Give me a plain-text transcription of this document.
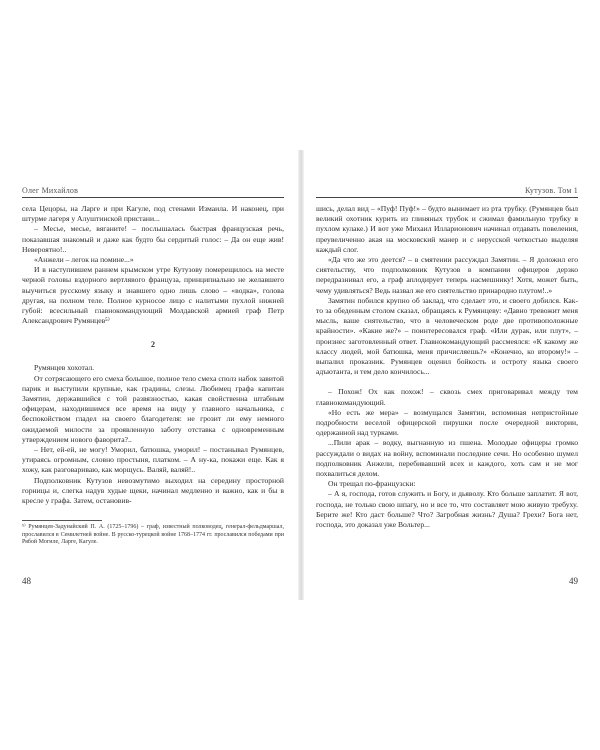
Олег Михайлов

села Цецоры, на Ларге и при Кагуле, под стенами Измаила. И наконец, при штурме лагеря у Алуштинской пристани...

– Месье, месье, вяганите! – послышалась быстрая французская речь, показавшая знакомый и даже как будто бы сердитый голос: – Да он еще жив! Невероятно!..

«Анжели – легок на помине...»

И в наступившем раннем крымском утре Кутузову померещилось на месте черной головы вздорного вертлявого француза, принципиально не желавшего выучиться русскому языку и знавшего одно лишь слово – «водка», голова другая, на полном теле. Полное курносое лицо с налитыми пухлой нижней губой: всесильный главнокомандующий Молдавской армией граф Петр Александрович Румянцев⁵⁾

2

Румянцев хохотал.

От сотрясающего его смеха большое, полное тело смеха сполз набок завитой парик и выступили крупные, как градины, слезы. Любимец графа капитан Замятин, державшийся с той развязностью, какая свойственна штабным офицерам, находившимся все время на виду у главного начальника, с беспокойством гладел на своего благодетеля: не грозит ли ему немного ожидаемой милости за проявленную заботу отставка с одновременным утверждением нового фаворита?..

– Нет, ей-ей, не могу! Уморил, батюшка, уморил! – постанывал Румянцев, утираясь огромным, словно простыня, платком. – А ну-ка, покажи еще. Как я хожу, как разговариваю, как морщусь. Валяй, валяй!..

Подполковник Кутузов невозмутимо выходил на середину просторной горницы и, слегка надув худые щеки, начинал медленно и важно, как и бы в кресле у графа. Затем, остановив-

⁵⁾ Румянцев-Задунайский П. А. (1725–1796) – граф, известный полководец, генерал-фельдмаршал, прославился в Семилетней войне. В русско-турецкой войне 1768–1774 гг. прославился победами при Рябой Могиле, Ларге, Кагуле.
48
Кутузов. Том 1

шись, делал вид – «Пуф! Пуф!» – будто вынимает из рта трубку. (Румянцев был великий охотник курить из глиняных трубок и сжимал фамильную трубку в пухлом кулаке.) И вот уже Михаил Илларионович начинал отдавать повеления, преувеличенно акая на московский манер и с нерусской четкостью выделяя каждый слог.

«Да что же это деется? – в смятении рассуждал Замятин. – Я доложил его сиятельству, что подполковник Кутузов в компании офицеров дерзко передразнивал его, а граф аплодирует теперь насмешнику! Хотя, может быть, чему удивляться? Ведь назвал же его сиятельство принародно плутом!..»

Замятин побился крупно об заклад, что сделает это, и своего добился. Как-то за обеденным столом сказал, обращаясь к Румянцеву: «Давно тревожит меня мысль, ваше сиятельство, что в человеческом роде две противоположные крайности». «Какие же?» – поинтересовался граф. «Или дурак, или плут», – произнес заготовленный ответ. Главнокомандующий рассмеялся: «К какому же классу людей, мой батюшка, меня причисляешь?» «Конечно, ко второму!» – выпалил проказник. Румянцев оценил бойкость и остроту языка своего адъютанта, и тем дело кончилось...

– Похож! Ох как похож! – сквозь смех приговаривал между тем главнокомандующий.

«Но есть же мера» – возмущался Замятин, вспоминая непристойные подробности веселой офицерской пирушки после очередной виктории, одержанной над турками.

...Пили арак – водку, выгнанную из пшена. Молодые офицеры громко рассуждали о видах на войну, вспоминали последние сечи. Но особенно шумел подполковник Анжели, перебивавший всех и каждого, хоть сам и не мог похвалиться делом.

Он трещал по-французски:

– А я, господа, готов служить и Богу, и дьяволу. Кто больше заплатит. Я вот, господа, не только свою шпагу, но и все то, что составляет мою живую требуху. Берите же! Кто даст больше? Что? Загробная жизнь? Душа? Грехи? Бога нет, господа, это доказал уже Вольтер...

49
